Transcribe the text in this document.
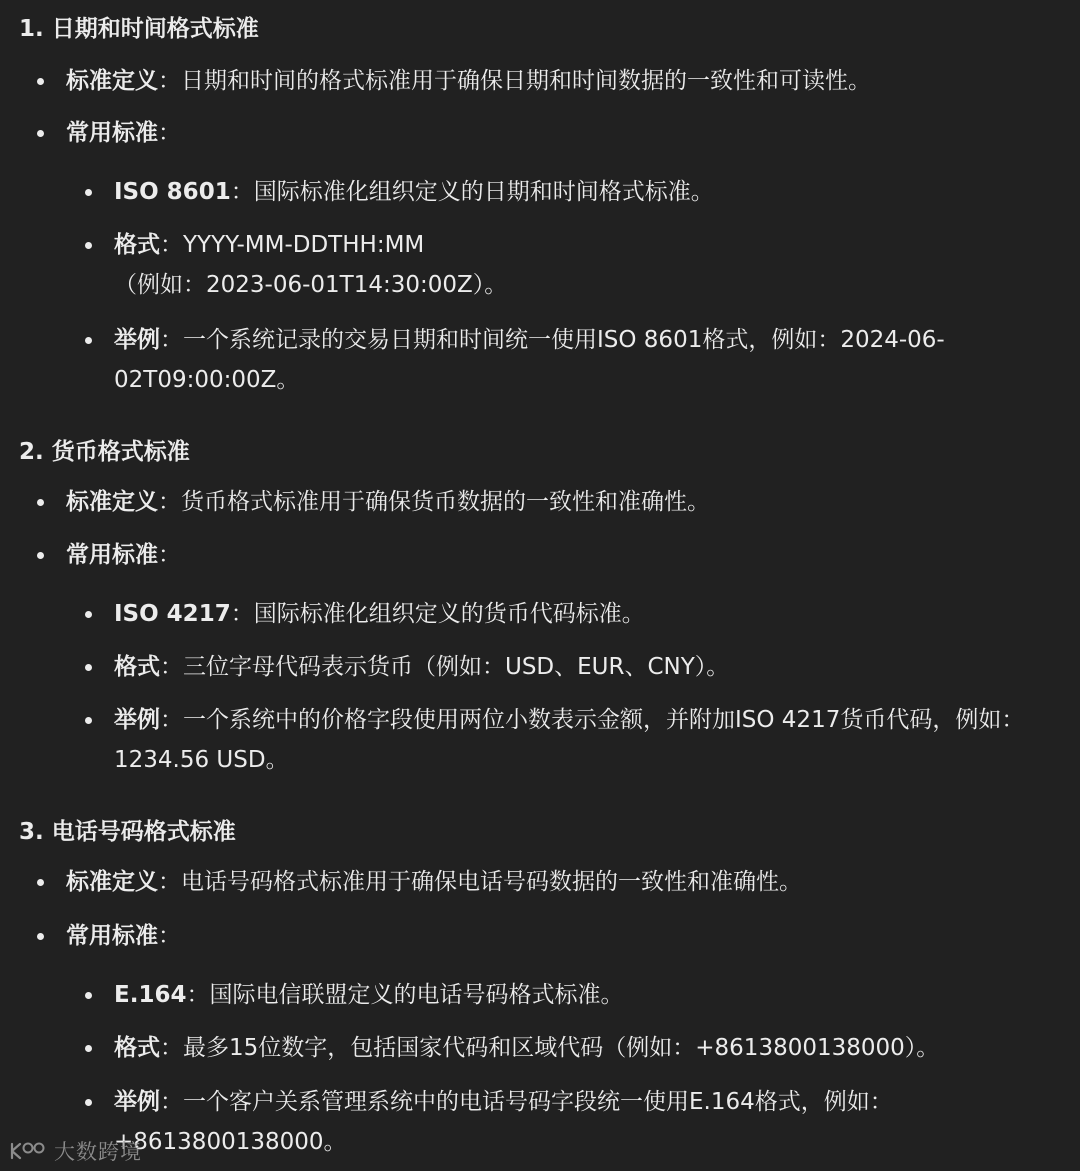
1. 日期和时间格式标准
标准定义：日期和时间的格式标准用于确保日期和时间数据的一致性和可读性。
常用标准：
ISO 8601：国际标准化组织定义的日期和时间格式标准。
格式：YYYY-MM-DDTHH:MM
（例如：2023-06-01T14:30:00Z）。
举例：一个系统记录的交易日期和时间统一使用ISO 8601格式，例如：2024-06-
02T09:00:00Z。
2. 货币格式标准
标准定义：货币格式标准用于确保货币数据的一致性和准确性。
常用标准：
ISO 4217：国际标准化组织定义的货币代码标准。
格式：三位字母代码表示货币（例如：USD、EUR、CNY）。
举例：一个系统中的价格字段使用两位小数表示金额，并附加ISO 4217货币代码，例如：
1234.56 USD。
3. 电话号码格式标准
标准定义：电话号码格式标准用于确保电话号码数据的一致性和准确性。
常用标准：
E.164：国际电信联盟定义的电话号码格式标准。
格式：最多15位数字，包括国家代码和区域代码（例如：+8613800138000）。
举例：一个客户关系管理系统中的电话号码字段统一使用E.164格式，例如：
+8613800138000。
大数跨境
